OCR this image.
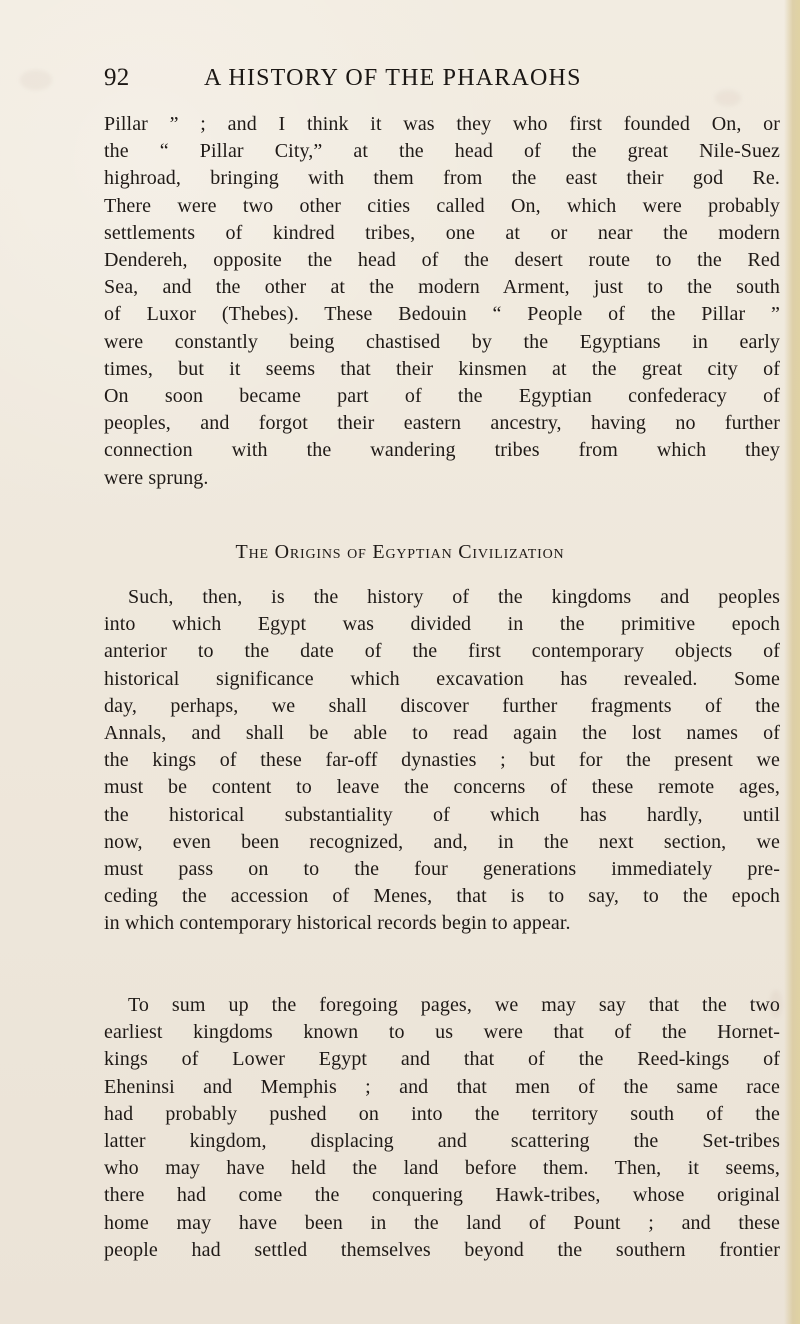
92	A HISTORY OF THE PHARAOHS
Pillar ” ; and I think it was they who first founded On, or
the “ Pillar City,” at the head of the great Nile-Suez
highroad, bringing with them from the east their god Re.
There were two other cities called On, which were probably
settlements of kindred tribes, one at or near the modern
Dendereh, opposite the head of the desert route to the Red
Sea, and the other at the modern Arment, just to the south
of Luxor (Thebes). These Bedouin “ People of the Pillar ”
were constantly being chastised by the Egyptians in early
times, but it seems that their kinsmen at the great city of
On soon became part of the Egyptian confederacy of
peoples, and forgot their eastern ancestry, having no further
connection with the wandering tribes from which they
were sprung.
The Origins of Egyptian Civilization
Such, then, is the history of the kingdoms and peoples
into which Egypt was divided in the primitive epoch
anterior to the date of the first contemporary objects of
historical significance which excavation has revealed. Some
day, perhaps, we shall discover further fragments of the
Annals, and shall be able to read again the lost names of
the kings of these far-off dynasties ; but for the present we
must be content to leave the concerns of these remote ages,
the historical substantiality of which has hardly, until
now, even been recognized, and, in the next section, we
must pass on to the four generations immediately pre-
ceding the accession of Menes, that is to say, to the epoch
in which contemporary historical records begin to appear.
To sum up the foregoing pages, we may say that the two
earliest kingdoms known to us were that of the Hornet-
kings of Lower Egypt and that of the Reed-kings of
Eheninsi and Memphis ; and that men of the same race
had probably pushed on into the territory south of the
latter kingdom, displacing and scattering the Set-tribes
who may have held the land before them. Then, it seems,
there had come the conquering Hawk-tribes, whose original
home may have been in the land of Pount ; and these
people had settled themselves beyond the southern frontier
